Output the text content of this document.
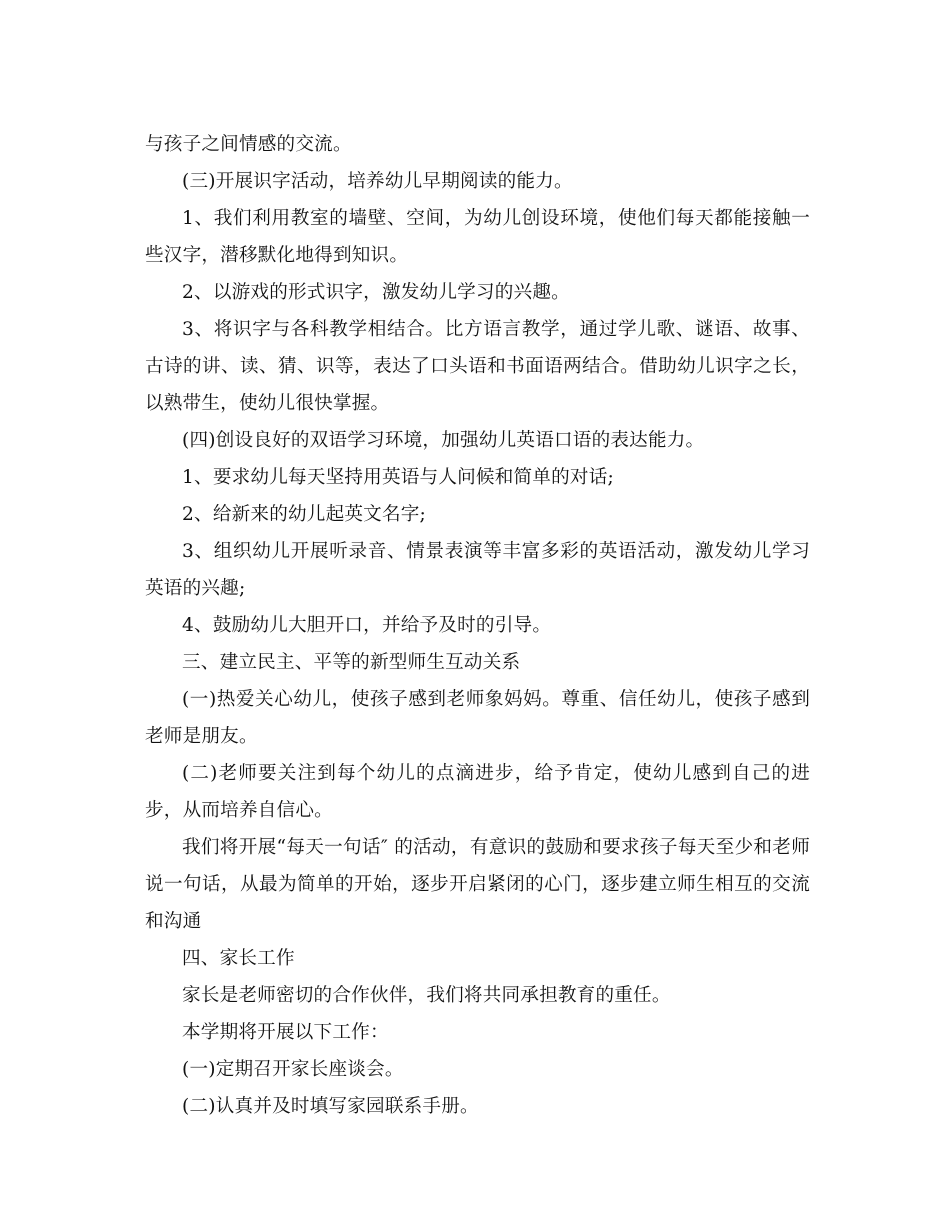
与孩子之间情感的交流。

(三)开展识字活动，培养幼儿早期阅读的能力。

1、我们利用教室的墙壁、空间，为幼儿创设环境，使他们每天都能接触一些汉字，潜移默化地得到知识。

2、以游戏的形式识字，激发幼儿学习的兴趣。

3、将识字与各科教学相结合。比方语言教学，通过学儿歌、谜语、故事、古诗的讲、读、猜、识等，表达了口头语和书面语两结合。借助幼儿识字之长，以熟带生，使幼儿很快掌握。

(四)创设良好的双语学习环境，加强幼儿英语口语的表达能力。

1、要求幼儿每天坚持用英语与人问候和简单的对话;

2、给新来的幼儿起英文名字;

3、组织幼儿开展听录音、情景表演等丰富多彩的英语活动，激发幼儿学习英语的兴趣;

4、鼓励幼儿大胆开口，并给予及时的引导。

三、建立民主、平等的新型师生互动关系

(一)热爱关心幼儿，使孩子感到老师象妈妈。尊重、信任幼儿，使孩子感到老师是朋友。

(二)老师要关注到每个幼儿的点滴进步，给予肯定，使幼儿感到自己的进步，从而培养自信心。

我们将开展“每天一句话″ 的活动，有意识的鼓励和要求孩子每天至少和老师说一句话，从最为简单的开始，逐步开启紧闭的心门，逐步建立师生相互的交流和沟通

四、家长工作

家长是老师密切的合作伙伴，我们将共同承担教育的重任。

本学期将开展以下工作：

(一)定期召开家长座谈会。

(二)认真并及时填写家园联系手册。
